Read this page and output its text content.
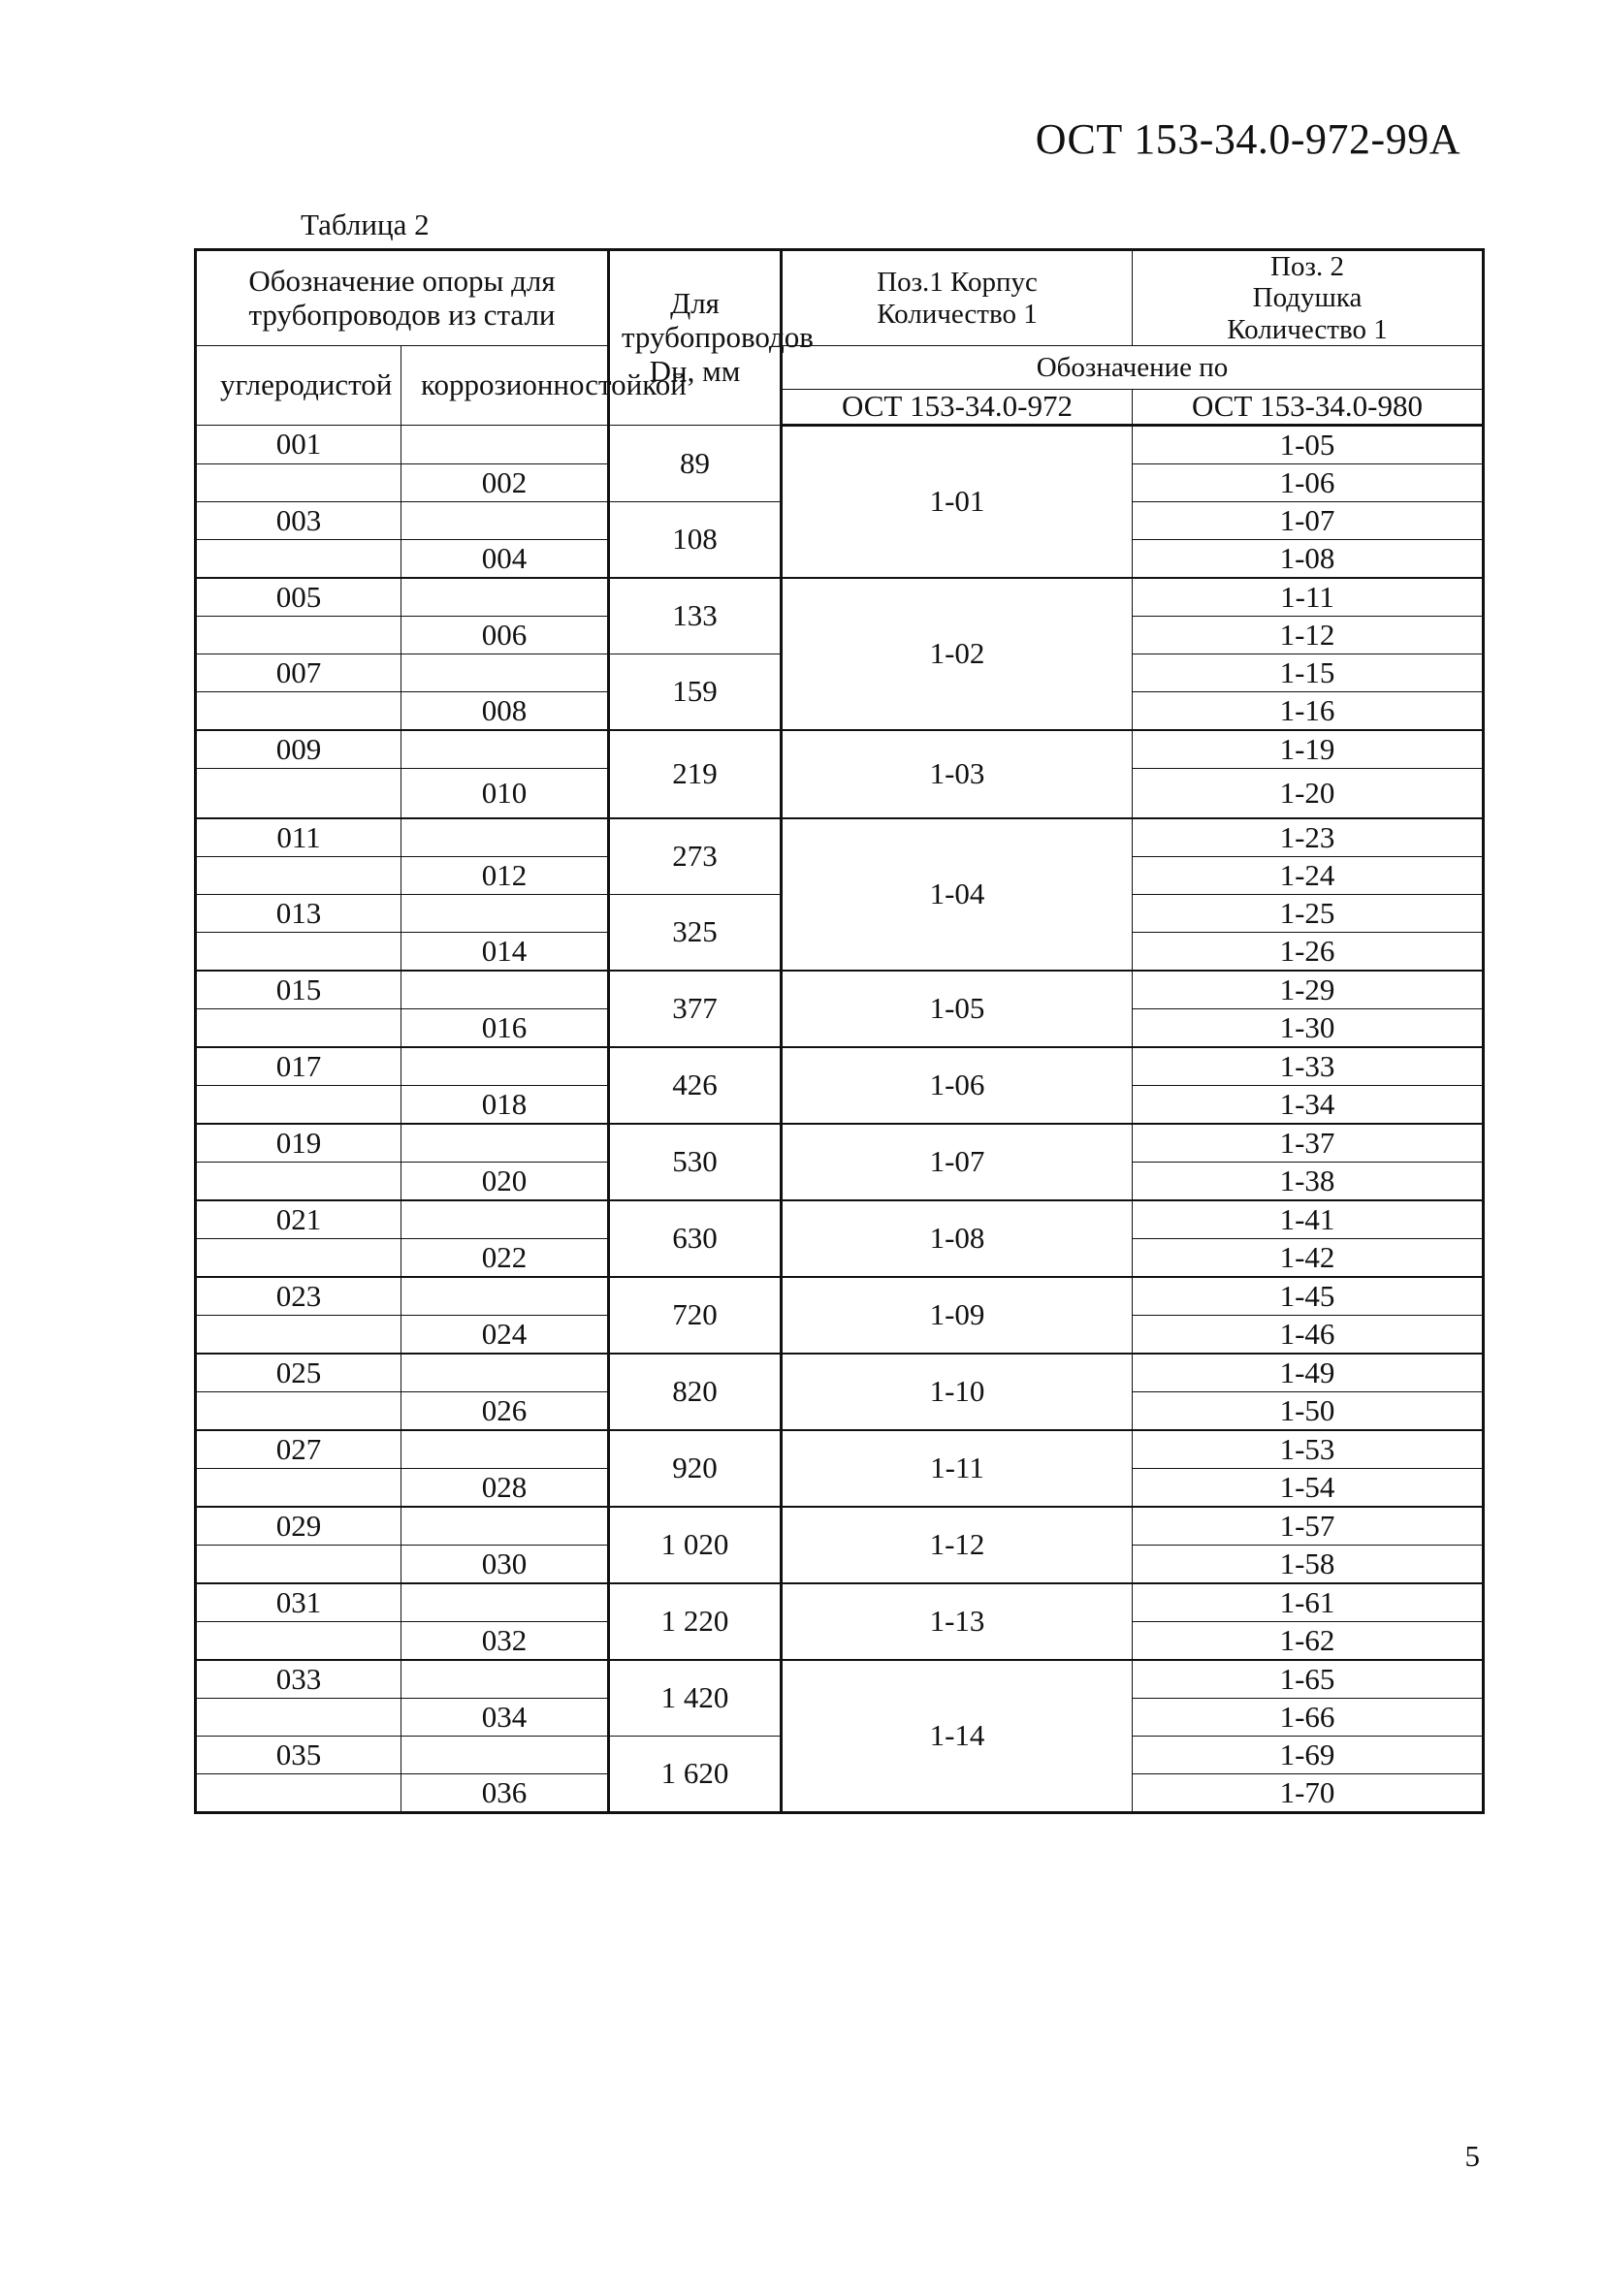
ОСТ 153-34.0-972-99А
Таблица 2
Обозначение опоры для трубопроводов из стали		Для трубопроводов Dн, мм	Поз.1 Корпус Количество 1	Поз. 2 Подушка Количество 1
углеродистой	коррозионностойкой		Обозначение по	
			ОСТ 153-34.0-972	ОСТ 153-34.0-980
001		89	1-01	1-05
	002			1-06
003		108		1-07
	004			1-08
005		133	1-02	1-11
	006			1-12
007		159		1-15
	008			1-16
009		219	1-03	1-19
	010			1-20
011		273	1-04	1-23
	012			1-24
013		325		1-25
	014			1-26
015		377	1-05	1-29
	016			1-30
017		426	1-06	1-33
	018			1-34
019		530	1-07	1-37
	020			1-38
021		630	1-08	1-41
	022			1-42
023		720	1-09	1-45
	024			1-46
025		820	1-10	1-49
	026			1-50
027		920	1-11	1-53
	028			1-54
029		1 020	1-12	1-57
	030			1-58
031		1 220	1-13	1-61
	032			1-62
033		1 420	1-14	1-65
	034			1-66
035		1 620		1-69
	036			1-70
5
